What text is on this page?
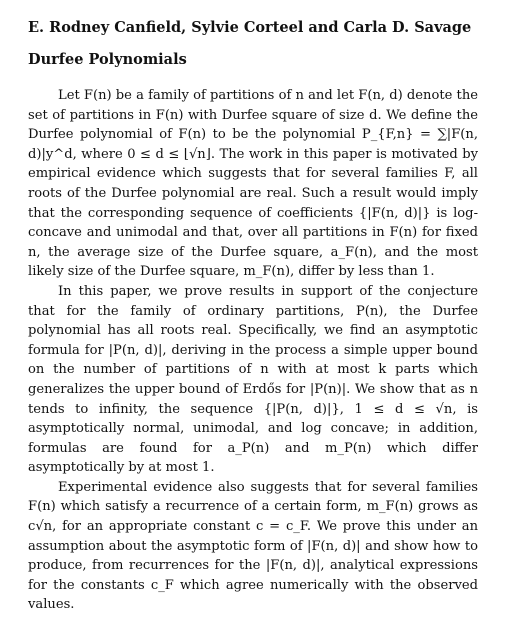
E. Rodney Canfield, Sylvie Corteel and Carla D. Savage
Durfee Polynomials

Let F(n) be a family of partitions of n and let F(n, d) denote the set of partitions in F(n) with Durfee square of size d. We define the Durfee polynomial of F(n) to be the polynomial P_{F,n} = ∑|F(n, d)|y^d, where 0 ≤ d ≤ ⌊√n⌋. The work in this paper is motivated by empirical evidence which suggests that for several families F, all roots of the Durfee polynomial are real. Such a result would imply that the corresponding sequence of coefficients {|F(n, d)|} is log-concave and unimodal and that, over all partitions in F(n) for fixed n, the average size of the Durfee square, a_F(n), and the most likely size of the Durfee square, m_F(n), differ by less than 1.

In this paper, we prove results in support of the conjecture that for the family of ordinary partitions, P(n), the Durfee polynomial has all roots real. Specifically, we find an asymptotic formula for |P(n, d)|, deriving in the process a simple upper bound on the number of partitions of n with at most k parts which generalizes the upper bound of Erdős for |P(n)|. We show that as n tends to infinity, the sequence {|P(n, d)|}, 1 ≤ d ≤ √n, is asymptotically normal, unimodal, and log concave; in addition, formulas are found for a_P(n) and m_P(n) which differ asymptotically by at most 1.

Experimental evidence also suggests that for several families F(n) which satisfy a recurrence of a certain form, m_F(n) grows as c√n, for an appropriate constant c = c_F. We prove this under an assumption about the asymptotic form of |F(n, d)| and show how to produce, from recurrences for the |F(n, d)|, analytical expressions for the constants c_F which agree numerically with the observed values.
